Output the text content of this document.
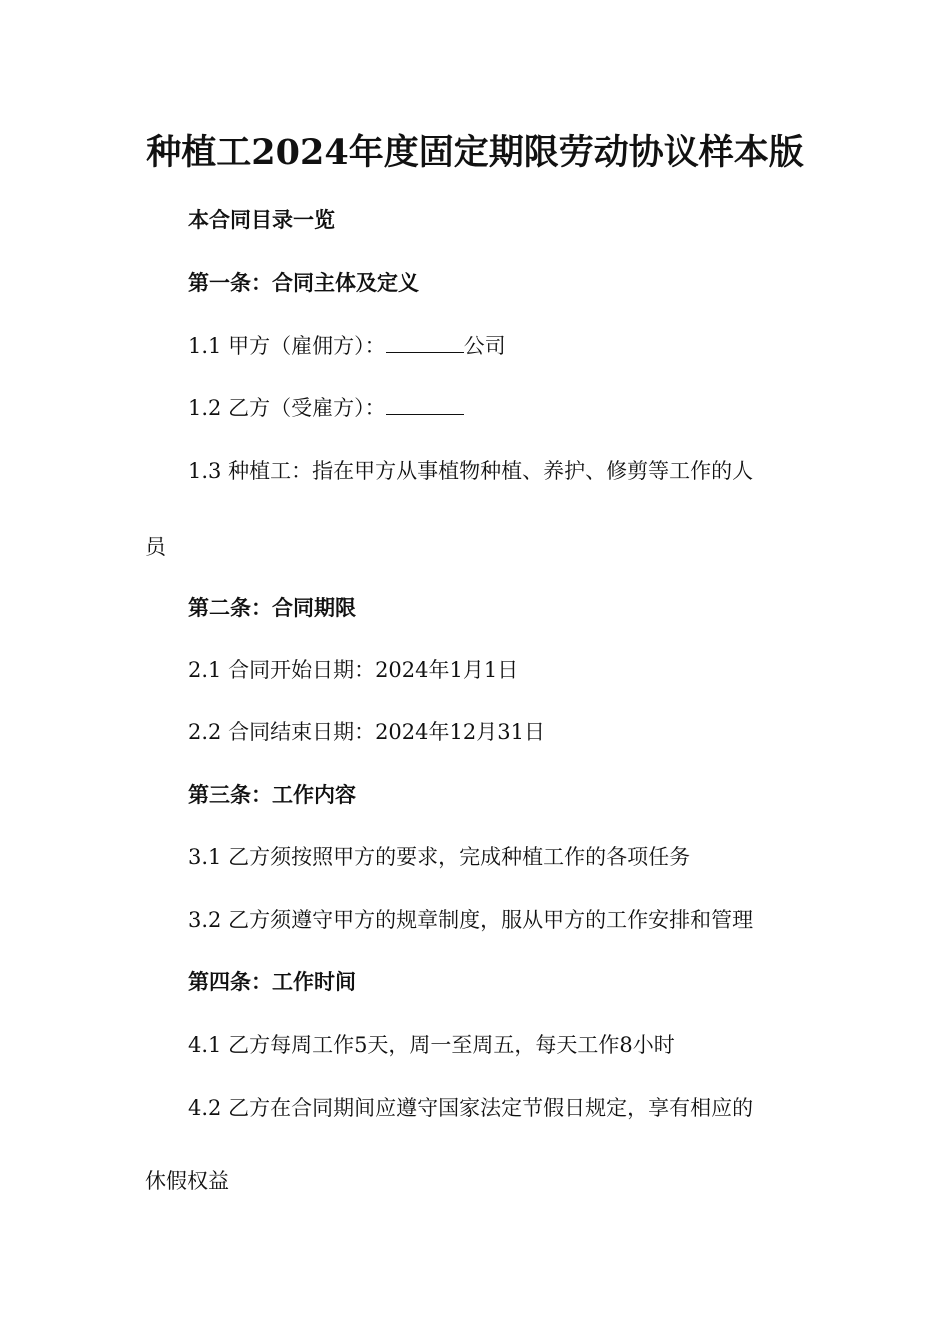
种植工2024年度固定期限劳动协议样本版

本合同目录一览

第一条：合同主体及定义

1.1 甲方（雇佣方）：	公司

1.2 乙方（受雇方）：

1.3 种植工：指在甲方从事植物种植、养护、修剪等工作的人

员

第二条：合同期限

2.1 合同开始日期：2024年1月1日

2.2 合同结束日期：2024年12月31日

第三条：工作内容

3.1 乙方须按照甲方的要求，完成种植工作的各项任务

3.2 乙方须遵守甲方的规章制度，服从甲方的工作安排和管理

第四条：工作时间

4.1 乙方每周工作5天，周一至周五，每天工作8小时

4.2 乙方在合同期间应遵守国家法定节假日规定，享有相应的

休假权益
